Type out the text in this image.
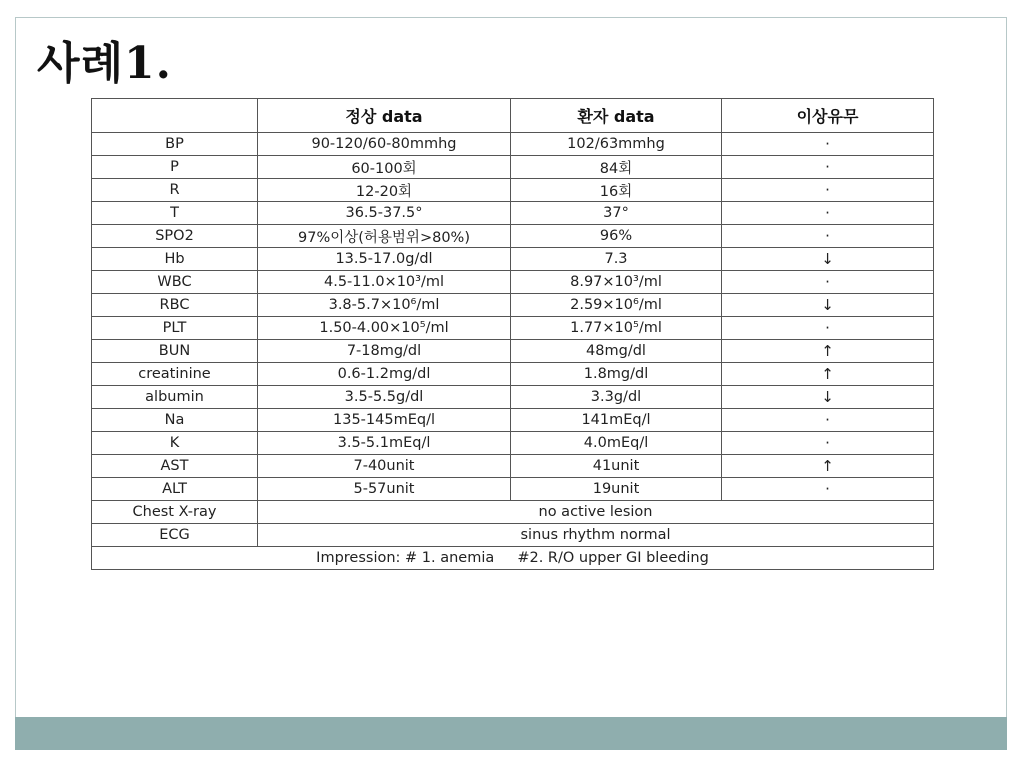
사례1.
	정상 data	환자 data	이상유무
BP	90-120/60-80mmhg	102/63mmhg	·
P	60-100회	84회	·
R	12-20회	16회	·
T	36.5-37.5°	37°	·
SPO2	97%이상(허용범위>80%)	96%	·
Hb	13.5-17.0g/dl	7.3	↓
WBC	4.5-11.0×10³/ml	8.97×10³/ml	·
RBC	3.8-5.7×10⁶/ml	2.59×10⁶/ml	↓
PLT	1.50-4.00×10⁵/ml	1.77×10⁵/ml	·
BUN	7-18mg/dl	48mg/dl	↑
creatinine	0.6-1.2mg/dl	1.8mg/dl	↑
albumin	3.5-5.5g/dl	3.3g/dl	↓
Na	135-145mEq/l	141mEq/l	·
K	3.5-5.1mEq/l	4.0mEq/l	·
AST	7-40unit	41unit	↑
ALT	5-57unit	19unit	·
Chest X-ray	no active lesion		
ECG	sinus rhythm normal		
Impression: # 1. anemia     #2. R/O upper GI bleeding			
